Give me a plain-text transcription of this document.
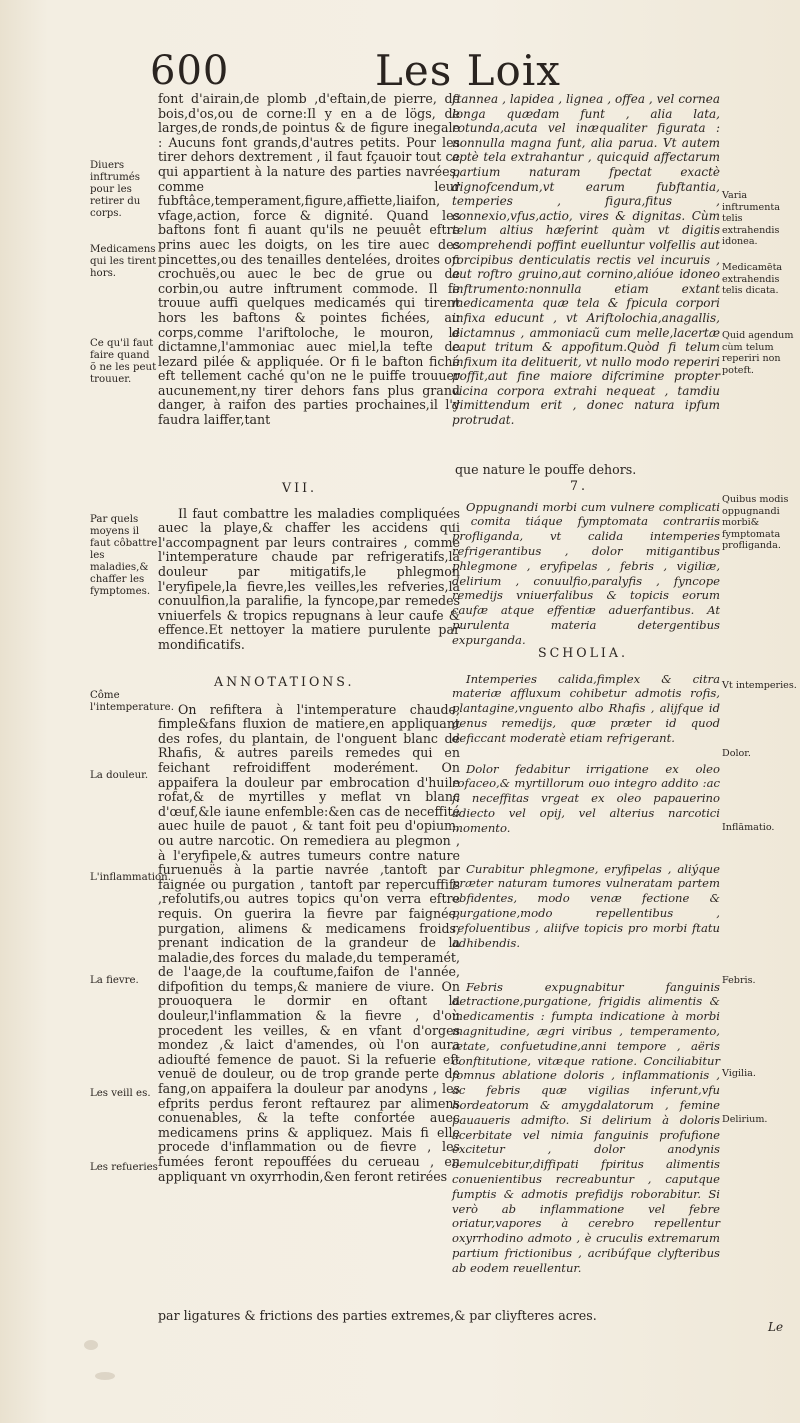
600	Les Loix

font d'airain,de plomb ,d'eftain,de pierre, de bois,d'os,ou de corne:Il y en a de lögs, de larges,de ronds,de pointus & de figure inegale : Aucuns font grands,d'autres petits. Pour les tirer dehors dextrement , il faut fçauoir tout ce qui appartient à la nature des parties navrées, comme leur fubftâce,temperament,figure,affiette,liaifon, vfage,action, force & dignité. Quand les baftons font fi auant qu'ils ne peuuêt eftre prins auec les doigts, on les tire auec des pincettes,ou des tenailles dentelées, droites ou crochuës,ou auec le bec de grue ou de corbin,ou autre inftrument commode. Il fe trouue auffi quelques medicamés qui tirent hors les baftons & pointes fichées, au corps,comme l'ariftoloche, le mouron, le dictamne,l'ammoniac auec miel,la tefte de lezard pilée & appliquée. Or fi le bafton fiché eft tellement caché qu'on ne le puiffe trouuer aucunement,ny tirer dehors fans plus grand danger, à raifon des parties prochaines,il l'y faudra laiffer,tant

ftannea , lapidea , lignea , offea , vel cornea longa quædam funt , alia lata, rotunda,acuta vel inæqualiter figurata : nonnulla magna funt, alia parua. Vt autem aptè tela extrahantur , quicquid affectarum partium naturam fpectat exactè dignofcendum,vt earum fubftantia, temperies , figura,fitus , connexio,vfus,actio, vires & dignitas. Cùm telum altius hæferint quàm vt digitis comprehendi poffint euelluntur volfellis aut forcipibus denticulatis rectis vel incuruis , aut roftro gruino,aut cornino,alióue idoneo inftrumento:nonnulla etiam extant medicamenta quæ tela & fpicula corpori infixa educunt , vt Ariftolochia,anagallis, dictamnus , ammoniacũ cum melle,lacertæ caput tritum & appofitum.Quòd fi telum infixum ita delituerit, vt nullo modo reperiri poffit,aut fine maiore difcrimine propter vicina corpora extrahi nequeat , tamdiu dimittendum erit , donec natura ipfum protrudat.

que nature le pouffe dehors.
VII.	7.

Il faut combattre les maladies compliquées auec la playe,& chaffer les accidens qui l'accompagnent par leurs contraires , comme l'intemperature chaude par refrigeratifs,la douleur par mitigatifs,le phlegmon l'eryfipele,la fievre,les veilles,les refveries,la conuulfion,la paralifie, la fyncope,par remedes vniuerfels & tropics repugnans à leur caufe & effence.Et nettoyer la matiere purulente par mondificatifs.

Oppugnandi morbi cum vulnere complicati , comita tiáque fymptomata contrariis profliganda, vt calida intemperies refrigerantibus , dolor mitigantibus phlegmone , eryfipelas , febris , vigiliæ, delirium , conuulfio,paralyfis , fyncope remedijs vniuerfalibus & topicis eorum caufæ atque effentiæ aduerfantibus. At purulenta materia detergentibus expurganda.

ANNOTATIONS.
SCHOLIA.

On refiftera à l'intemperature chaude, fimple&fans fluxion de matiere,en appliquant des rofes, du plantain, de l'onguent blanc de Rhafis, & autres pareils remedes qui en feichant refroidiffent moderément. On appaifera la douleur par embrocation d'huile rofat,& de myrtilles y meflat vn blanc d'œuf,&le iaune enfemble:&en cas de neceffité auec huile de pauot , & tant foit peu d'opium, ou autre narcotic. On remediera au plegmon , à l'eryfipele,& autres tumeurs contre nature furuenuës à la partie navrée ,tantoft par faignée ou purgation , tantoft par repercuffifs ,refolutifs,ou autres topics qu'on verra eftre requis. On guerira la fievre par faignée, purgation, alimens & medicamens froids, prenant indication de la grandeur de la maladie,des forces du malade,du temperamét, de l'aage,de la couftume,faifon de l'année, difpofition du temps,& maniere de viure. On prouoquera le dormir en oftant la douleur,l'inflammation & la fievre , d'où procedent les veilles, & en vfant d'orges mondez ,& laict d'amendes, où l'on aura adioufté femence de pauot. Si la refuerie eft venuë de douleur, ou de trop grande perte de fang,on appaifera la douleur par anodyns , les efprits perdus feront reftaurez par alimens conuenables, & la tefte confortée auec medicamens prins & appliquez. Mais fi elle procede d'inflammation ou de fievre , les fumées feront repouffées du cerueau , en appliquant vn oxyrrhodin,&en feront retirées

Intemperies calida,fimplex & citra materiæ affluxum cohibetur admotis rofis, plantagine,vnguento albo Rhafis , alijfque id genus remedijs, quæ præter id quod deficcant moderatè etiam refrigerant.

Dolor fedabitur irrigatione ex oleo rofaceo,& myrtillorum ouo integro addito :ac fi neceffitas vrgeat ex oleo papauerino adiecto vel opij, vel alterius narcotici momento.

Curabitur phlegmone, eryfipelas , aliýque præter naturam tumores vulneratam partem obfidentes, modo venæ fectione & purgatione,modo repellentibus , refoluentibus , aliifve topicis pro morbi ftatu adhibendis.

Febris expugnabitur fanguinis detractione,purgatione, frigidis alimentis & medicamentis : fumpta indicatione à morbi magnitudine, ægri viribus , temperamento, ætate, confuetudine,anni tempore , aëris conftitutione, vitæque ratione. Conciliabitur fomnus ablatione doloris , inflammationis , ac febris quæ vigilias inferunt,vfu hordeatorum & amygdalatorum , femine pauaueris admifto. Si delirium à doloris acerbitate vel nimia fanguinis profufione excitetur , dolor anodynis demulcebitur,diffipati fpiritus alimentis conuenientibus recreabuntur , caputque fumptis & admotis prefidijs roborabitur. Si verò ab inflammatione vel febre oriatur,vapores à cerebro repellentur oxyrrhodino admoto , è cruculis extremarum partium frictionibus , acribúfque clyfteribus ab eodem reuellentur.

par ligatures & frictions des parties extremes,& par cliyfteres acres.
Le
Diuers inftrumés pour les retirer du corps.
Medicamens qui les tirent hors.
Ce qu'il faut faire quand õ ne les peut trouuer.
Par quels moyens il faut côbattre les maladies,& chaffer les fymptomes.
Côme l'intemperature.
La douleur.
L'inflammation.
La fievre.
Les veill es.
Les refueries
Varia inftrumenta telis extrahendis idonea.
Medicamēta extrahendis telis dicata.
Quid agendum cùm telum reperiri non poteft.
Quibus modis oppugnandi morbi& fymptomata profliganda.
Vt intemperies.
Dolor.
Inflāmatio.
Febris.
Vigilia.
Delirium.
